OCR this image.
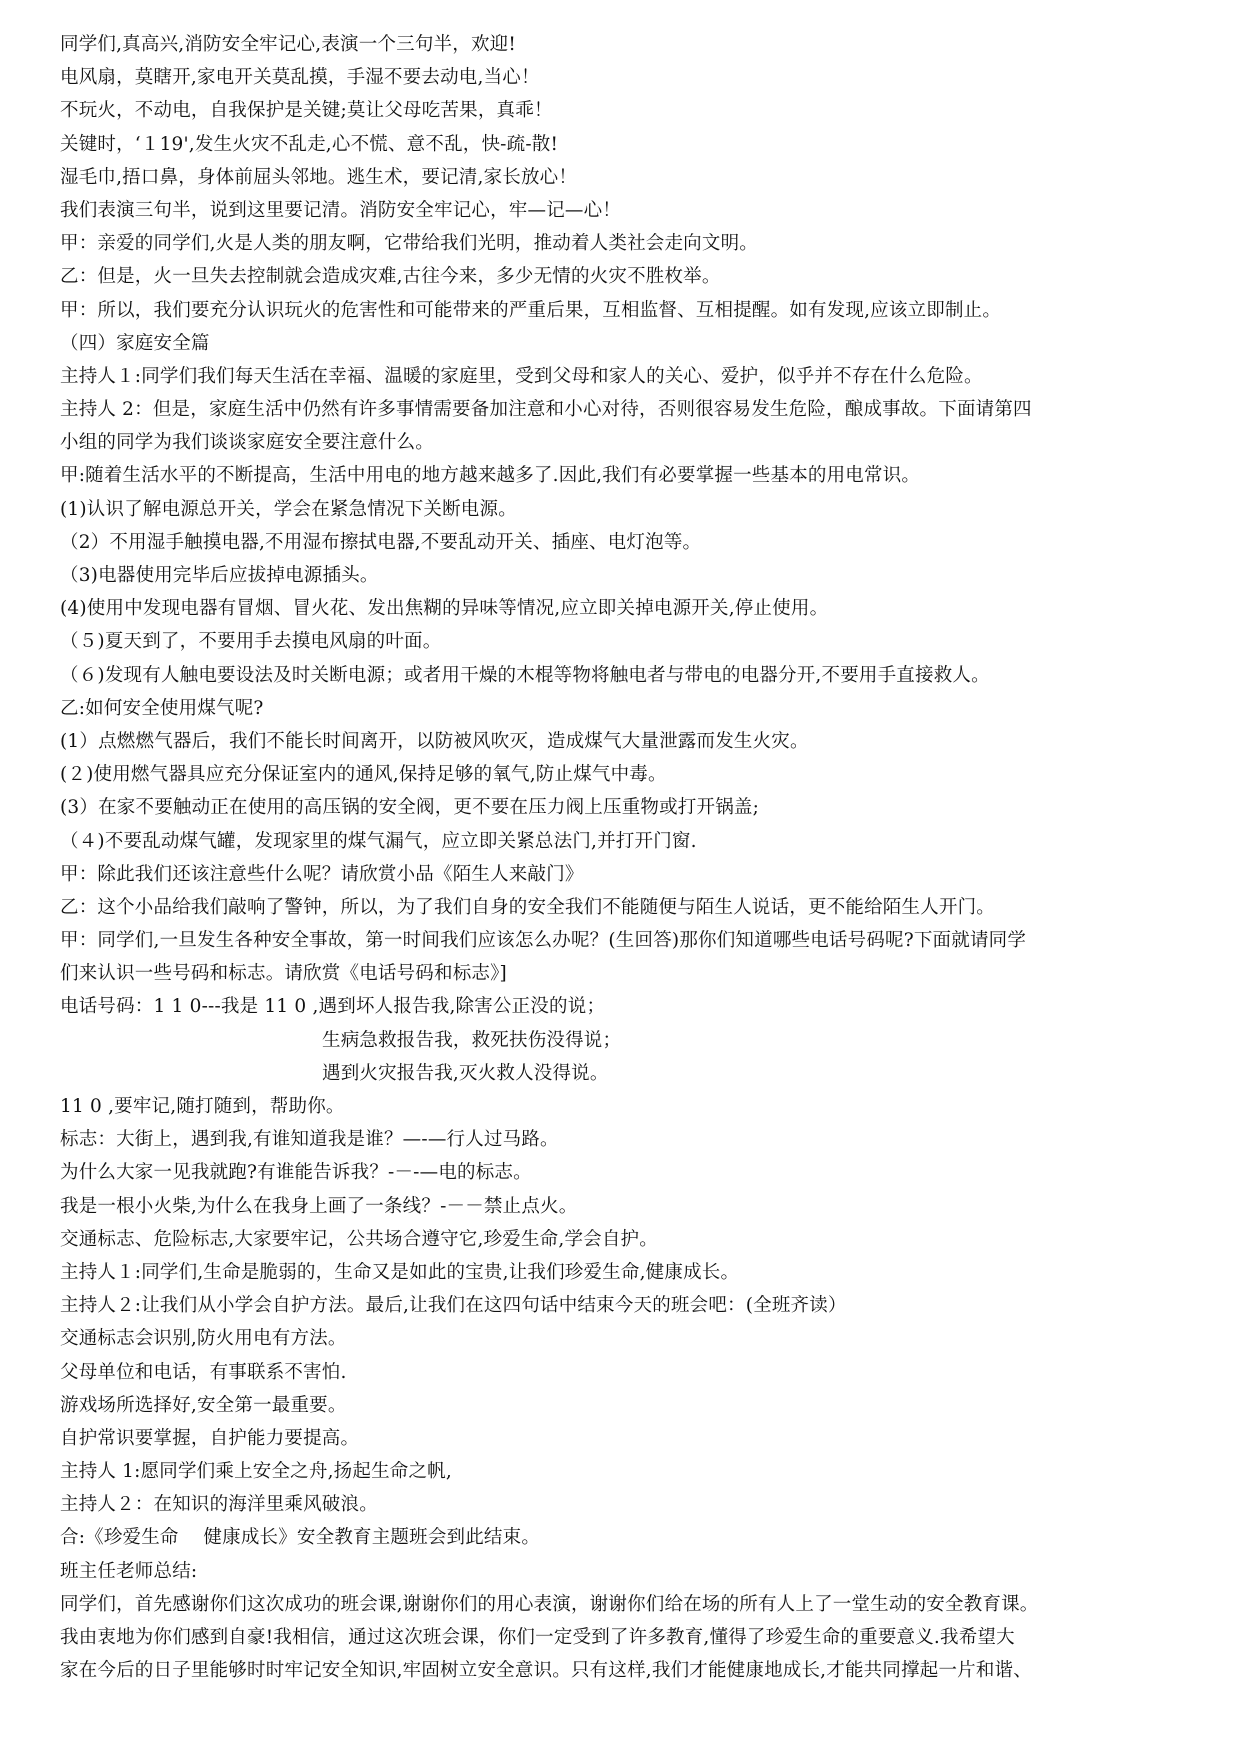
同学们,真高兴,消防安全牢记心,表演一个三句半，欢迎!
电风扇，莫瞎开,家电开关莫乱摸，手湿不要去动电,当心！
不玩火，不动电，自我保护是关键;莫让父母吃苦果，真乖！
关键时，‘１19',发生火灾不乱走,心不慌、意不乱，快-疏-散!
湿毛巾,捂口鼻，身体前屈头邻地。逃生术，要记清,家长放心！
我们表演三句半，说到这里要记清。消防安全牢记心，牢—记—心！
甲：亲爱的同学们,火是人类的朋友啊，它带给我们光明，推动着人类社会走向文明。
乙：但是，火一旦失去控制就会造成灾难,古往今来，多少无情的火灾不胜枚举。
甲：所以，我们要充分认识玩火的危害性和可能带来的严重后果，互相监督、互相提醒。如有发现,应该立即制止。
（四）家庭安全篇
主持人１:同学们我们每天生活在幸福、温暖的家庭里，受到父母和家人的关心、爱护，似乎并不存在什么危险。
主持人 2：但是，家庭生活中仍然有许多事情需要备加注意和小心对待，否则很容易发生危险，酿成事故。下面请第四
小组的同学为我们谈谈家庭安全要注意什么。
甲:随着生活水平的不断提高，生活中用电的地方越来越多了.因此,我们有必要掌握一些基本的用电常识。
(1)认识了解电源总开关，学会在紧急情况下关断电源。
（2）不用湿手触摸电器,不用湿布擦拭电器,不要乱动开关、插座、电灯泡等。
（3)电器使用完毕后应拔掉电源插头。
(4)使用中发现电器有冒烟、冒火花、发出焦糊的异味等情况,应立即关掉电源开关,停止使用。
（５)夏天到了，不要用手去摸电风扇的叶面。
（６)发现有人触电要设法及时关断电源；或者用干燥的木棍等物将触电者与带电的电器分开,不要用手直接救人。
乙:如何安全使用煤气呢?
(1）点燃燃气器后，我们不能长时间离开，以防被风吹灭，造成煤气大量泄露而发生火灾。
(２)使用燃气器具应充分保证室内的通风,保持足够的氧气,防止煤气中毒。
(3）在家不要触动正在使用的高压锅的安全阀，更不要在压力阀上压重物或打开锅盖;
（４)不要乱动煤气罐，发现家里的煤气漏气，应立即关紧总法门,并打开门窗.
甲：除此我们还该注意些什么呢？请欣赏小品《陌生人来敲门》
乙：这个小品给我们敲响了警钟，所以，为了我们自身的安全我们不能随便与陌生人说话，更不能给陌生人开门。
甲：同学们,一旦发生各种安全事故，第一时间我们应该怎么办呢？(生回答)那你们知道哪些电话号码呢?下面就请同学
们来认识一些号码和标志。请欣赏《电话号码和标志》]
电话号码：1 1 0---我是 11 0 ,遇到坏人报告我,除害公正没的说；
生病急救报告我，救死扶伤没得说；
遇到火灾报告我,灭火救人没得说。
11 0 ,要牢记,随打随到，帮助你。
标志：大街上，遇到我,有谁知道我是谁？—-—行人过马路。
为什么大家一见我就跑?有谁能告诉我？-－-—电的标志。
我是一根小火柴,为什么在我身上画了一条线？-－－禁止点火。
交通标志、危险标志,大家要牢记，公共场合遵守它,珍爱生命,学会自护。
主持人１:同学们,生命是脆弱的，生命又是如此的宝贵,让我们珍爱生命,健康成长。
主持人２:让我们从小学会自护方法。最后,让我们在这四句话中结束今天的班会吧：(全班齐读）
交通标志会识别,防火用电有方法。
父母单位和电话，有事联系不害怕.
游戏场所选择好,安全第一最重要。
自护常识要掌握，自护能力要提高。
主持人 1:愿同学们乘上安全之舟,扬起生命之帆,
主持人２：在知识的海洋里乘风破浪。
合:《珍爱生命　 健康成长》安全教育主题班会到此结束。
班主任老师总结:
同学们，首先感谢你们这次成功的班会课,谢谢你们的用心表演，谢谢你们给在场的所有人上了一堂生动的安全教育课。
我由衷地为你们感到自豪!我相信，通过这次班会课，你们一定受到了许多教育,懂得了珍爱生命的重要意义.我希望大
家在今后的日子里能够时时牢记安全知识,牢固树立安全意识。只有这样,我们才能健康地成长,才能共同撑起一片和谐、
